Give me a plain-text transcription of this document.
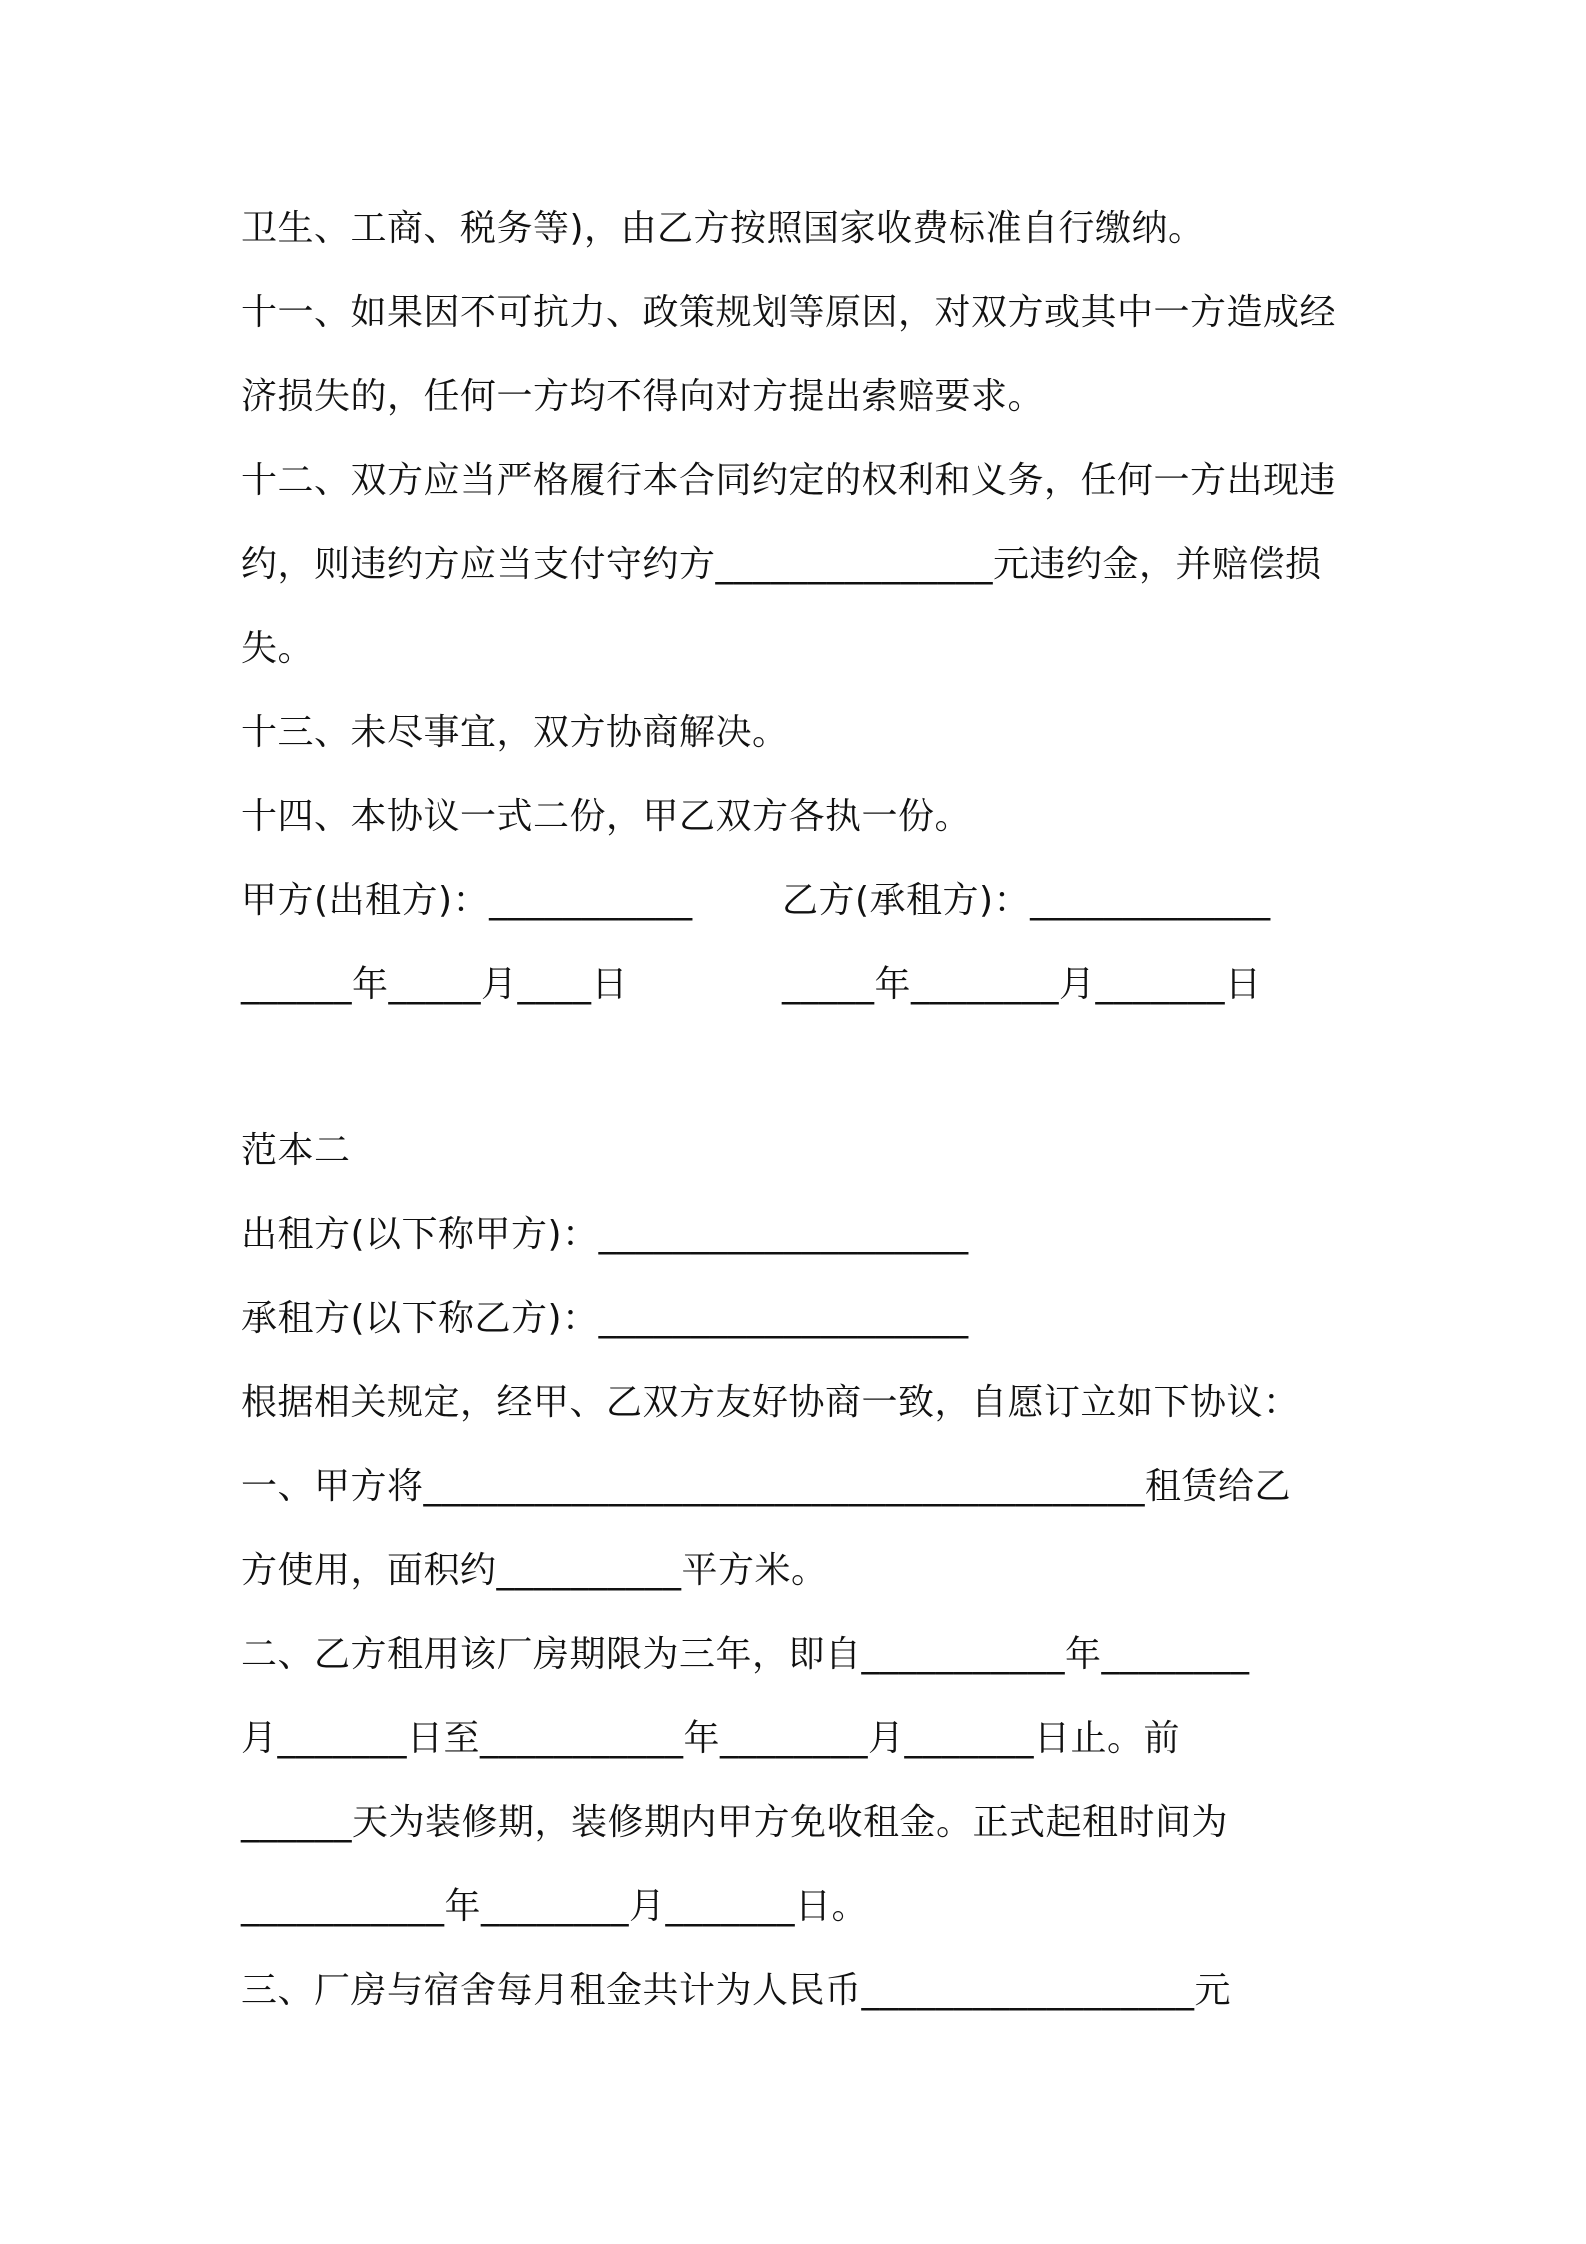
卫生、工商、税务等)，由乙方按照国家收费标准自行缴纳。
十一、如果因不可抗力、政策规划等原因，对双方或其中一方造成经
济损失的，任何一方均不得向对方提出索赔要求。
十二、双方应当严格履行本合同约定的权利和义务，任何一方出现违
约，则违约方应当支付守约方_______________元违约金，并赔偿损
失。
十三、未尽事宜，双方协商解决。
十四、本协议一式二份，甲乙双方各执一份。
甲方(出租方)：___________ 乙方(承租方)：_____________
______年_____月____日	_____年________月_______日
范本二
出租方(以下称甲方)：____________________
承租方(以下称乙方)：____________________
根据相关规定，经甲、乙双方友好协商一致，自愿订立如下协议：
一、甲方将_______________________________________租赁给乙
方使用，面积约__________平方米。
二、乙方租用该厂房期限为三年，即自___________年________
月_______日至___________年________月_______日止。前
______天为装修期，装修期内甲方免收租金。正式起租时间为
___________年________月_______日。
三、厂房与宿舍每月租金共计为人民币__________________元
